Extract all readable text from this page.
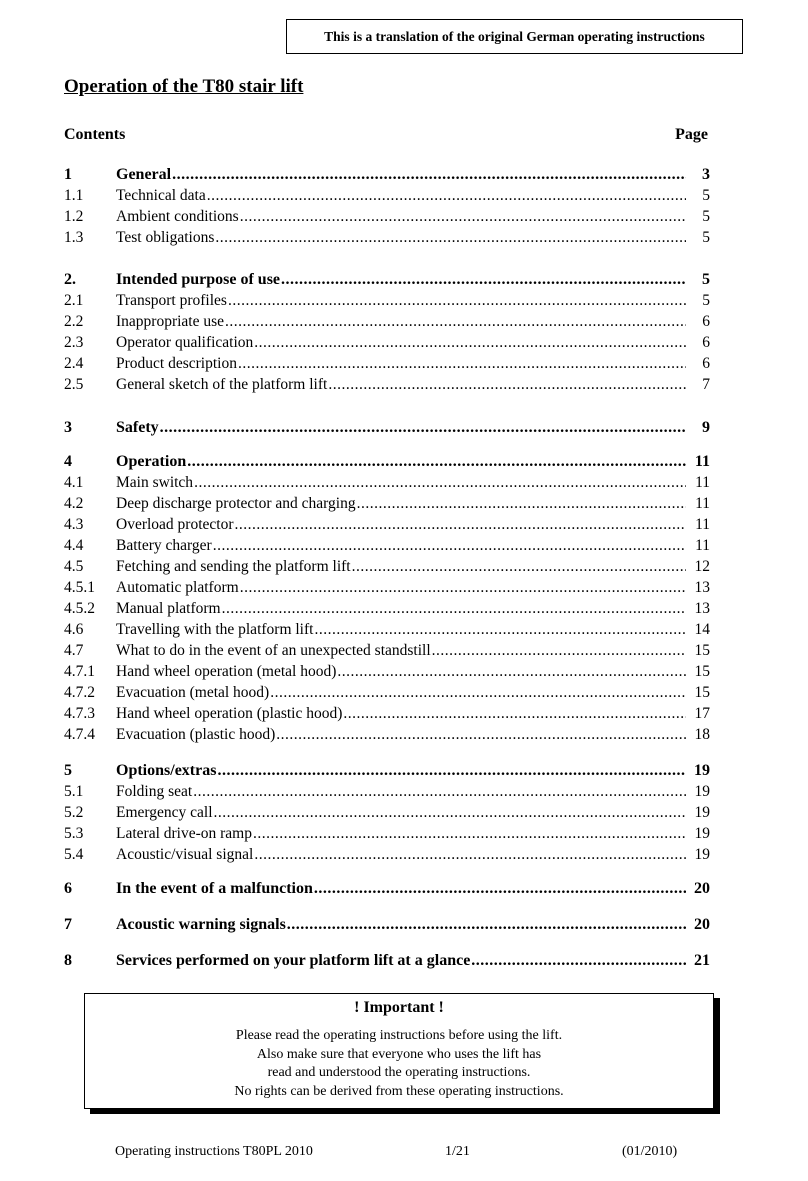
This is a translation of the original German operating instructions
Operation of the T80 stair lift
Contents	Page
1	General .....	3
1.1	Technical data .....	5
1.2	Ambient conditions .....	5
1.3	Test obligations .....	5
2.	Intended purpose of use .....	5
2.1	Transport profiles .....	5
2.2	Inappropriate use .....	6
2.3	Operator qualification .....	6
2.4	Product description .....	6
2.5	General sketch of the platform lift .....	7
3	Safety .....	9
4	Operation .....	11
4.1	Main switch .....	11
4.2	Deep discharge protector and charging .....	11
4.3	Overload protector .....	11
4.4	Battery charger .....	11
4.5	Fetching and sending the platform lift .....	12
4.5.1	Automatic platform .....	13
4.5.2	Manual platform .....	13
4.6	Travelling with the platform lift .....	14
4.7	What to do in the event of an unexpected standstill .....	15
4.7.1	Hand wheel operation (metal hood) .....	15
4.7.2	Evacuation (metal hood) .....	15
4.7.3	Hand wheel operation (plastic hood) .....	17
4.7.4	Evacuation (plastic hood) .....	18
5	Options/extras .....	19
5.1	Folding seat .....	19
5.2	Emergency call .....	19
5.3	Lateral drive-on ramp .....	19
5.4	Acoustic/visual signal .....	19
6	In the event of a malfunction .....	20
7	Acoustic warning signals .....	20
8	Services performed on your platform lift at a glance .....	21
! Important !
Please read the operating instructions before using the lift.
Also make sure that everyone who uses the lift has
read and understood the operating instructions.
No rights can be derived from these operating instructions.
Operating instructions T80PL 2010	1/21	(01/2010)
